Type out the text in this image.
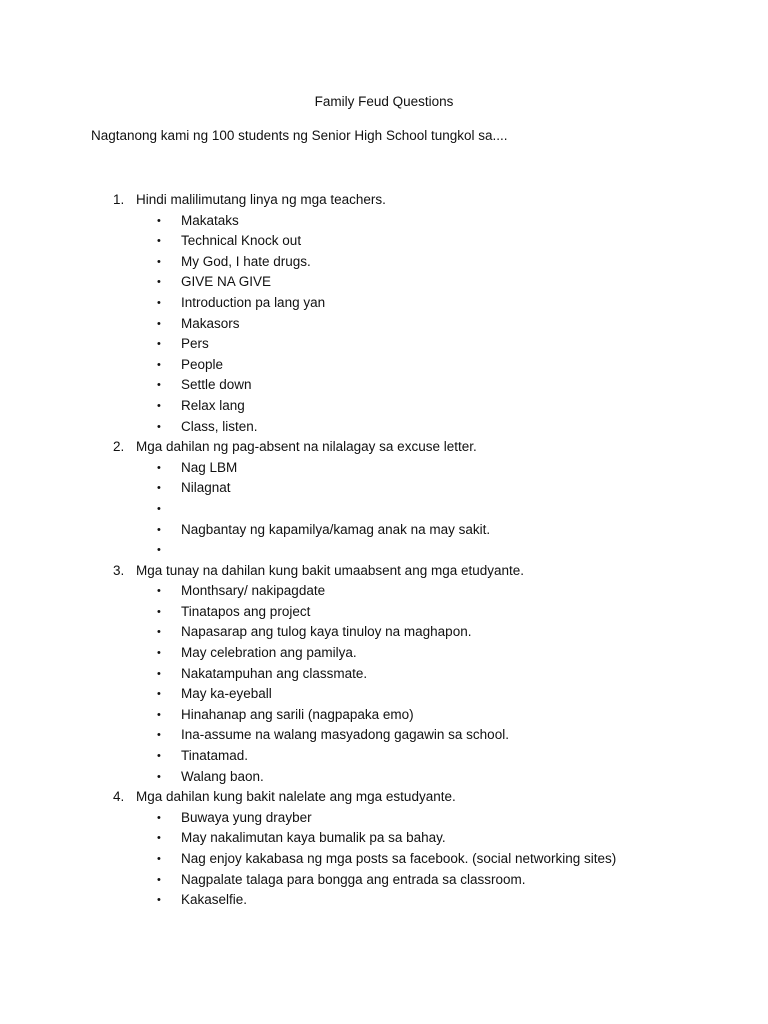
Family Feud Questions
Nagtanong kami ng 100 students ng Senior High School tungkol sa....
1. Hindi malilimutang linya ng mga teachers.
• Makataks
• Technical Knock out
• My God, I hate drugs.
• GIVE NA GIVE
• Introduction pa lang yan
• Makasors
• Pers
• People
• Settle down
• Relax lang
• Class, listen.
2. Mga dahilan ng pag-absent na nilalagay sa excuse letter.
• Nag LBM
• Nilagnat
•
• Nagbantay ng kapamilya/kamag anak na may sakit.
•
3. Mga tunay na dahilan kung bakit umaabsent ang mga etudyante.
• Monthsary/ nakipagdate
• Tinatapos ang project
• Napasarap ang tulog kaya tinuloy na maghapon.
• May celebration ang pamilya.
• Nakatampuhan ang classmate.
• May ka-eyeball
• Hinahanap ang sarili (nagpapaka emo)
• Ina-assume na walang masyadong gagawin sa school.
• Tinatamad.
• Walang baon.
4. Mga dahilan kung bakit nalelate ang mga estudyante.
• Buwaya yung drayber
• May nakalimutan kaya bumalik pa sa bahay.
• Nag enjoy kakabasa ng mga posts sa facebook. (social networking sites)
• Nagpalate talaga para bongga ang entrada sa classroom.
• Kakaselfie.
